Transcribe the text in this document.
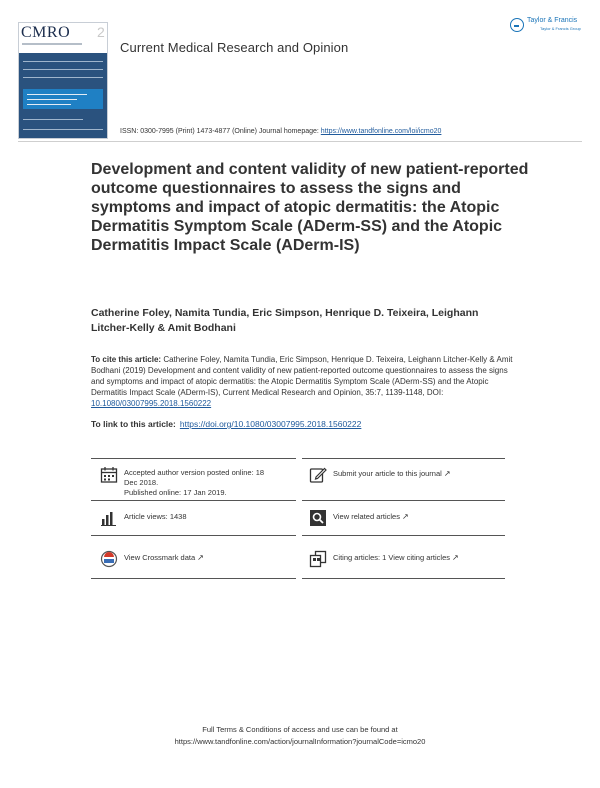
CMRO 2
Current Medical Research and Opinion
Taylor & Francis
Taylor & Francis Group
ISSN: 0300-7995 (Print) 1473-4877 (Online) Journal homepage: https://www.tandfonline.com/loi/icmo20
Development and content validity of new patient-reported outcome questionnaires to assess the signs and symptoms and impact of atopic dermatitis: the Atopic Dermatitis Symptom Scale (ADerm-SS) and the Atopic Dermatitis Impact Scale (ADerm-IS)
Catherine Foley, Namita Tundia, Eric Simpson, Henrique D. Teixeira, Leighann Litcher-Kelly & Amit Bodhani
To cite this article: Catherine Foley, Namita Tundia, Eric Simpson, Henrique D. Teixeira, Leighann Litcher-Kelly & Amit Bodhani (2019) Development and content validity of new patient-reported outcome questionnaires to assess the signs and symptoms and impact of atopic dermatitis: the Atopic Dermatitis Symptom Scale (ADerm-SS) and the Atopic Dermatitis Impact Scale (ADerm-IS), Current Medical Research and Opinion, 35:7, 1139-1148, DOI: 10.1080/03007995.2018.1560222
To link to this article: https://doi.org/10.1080/03007995.2018.1560222
Accepted author version posted online: 18
Dec 2018.
Published online: 17 Jan 2019.
Submit your article to this journal ↗
Article views: 1438	View related articles ↗
View Crossmark data ↗	Citing articles: 1 View citing articles ↗
Full Terms & Conditions of access and use can be found at
https://www.tandfonline.com/action/journalInformation?journalCode=icmo20
